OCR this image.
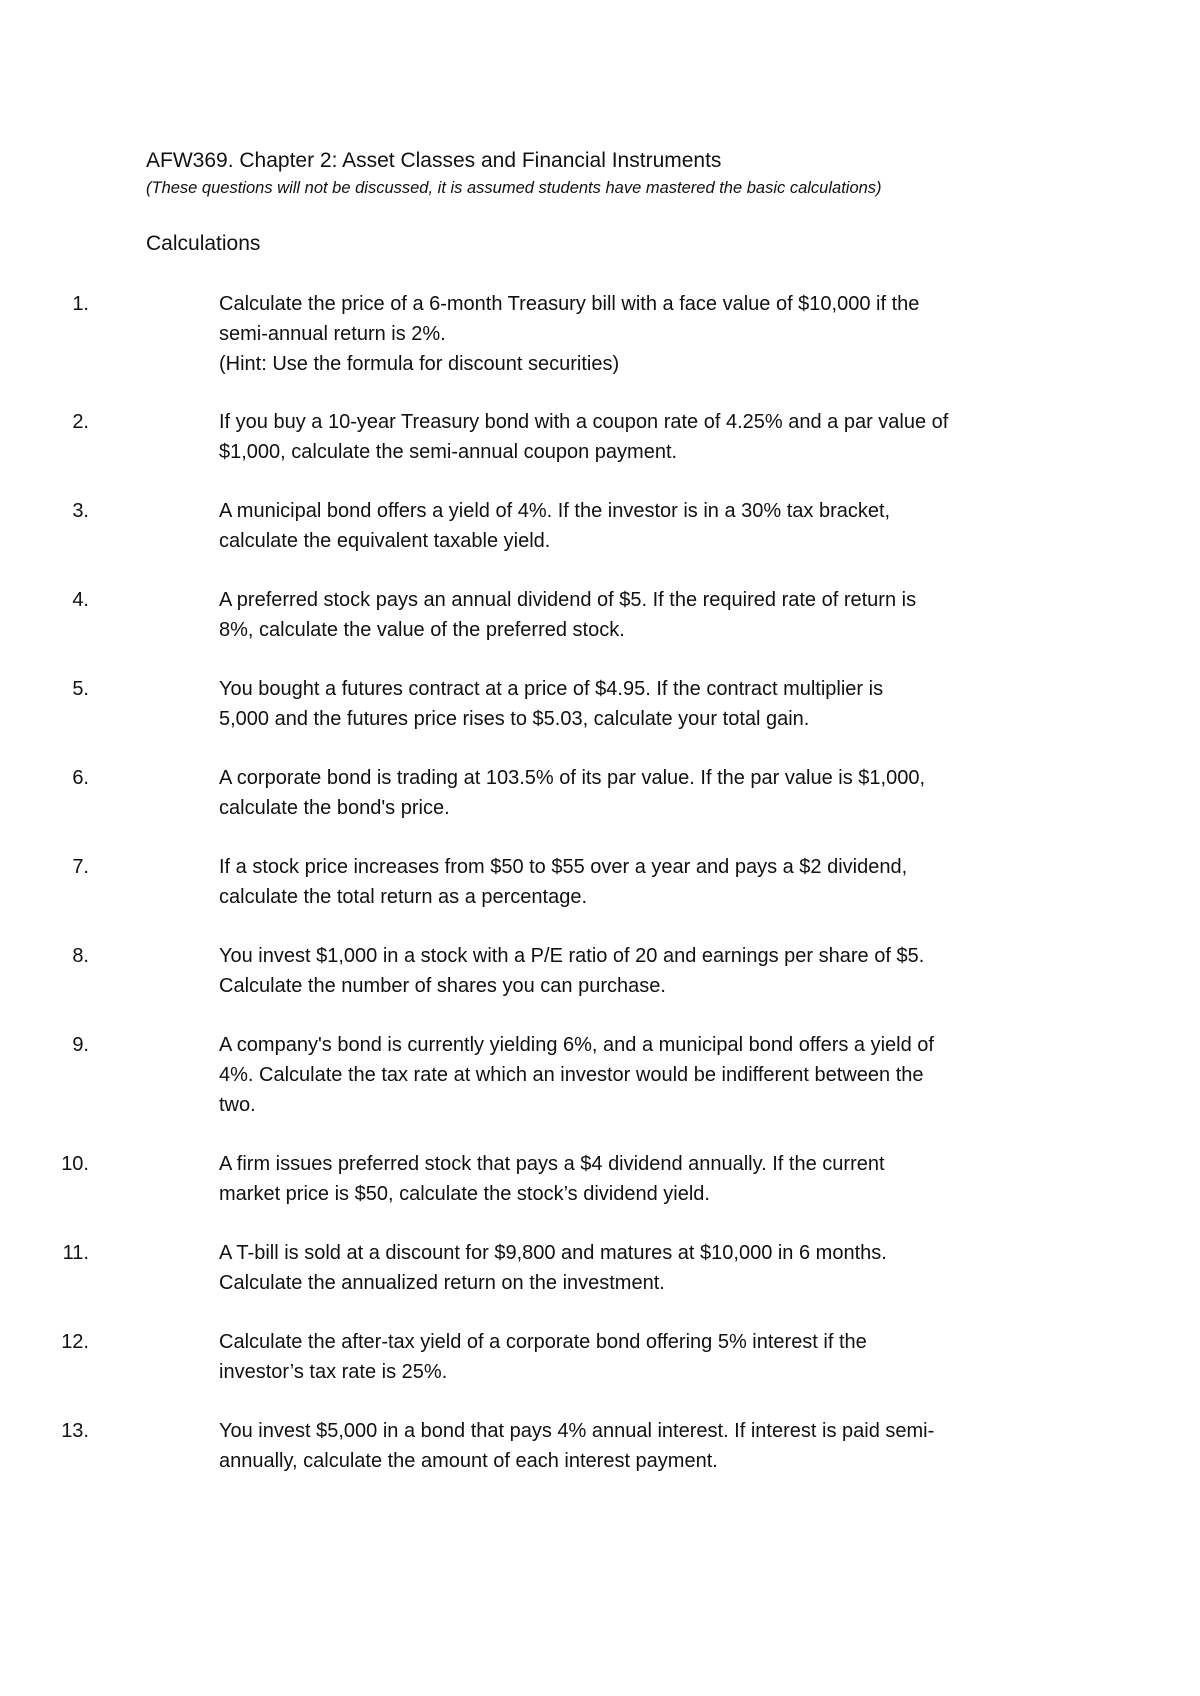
AFW369. Chapter 2: Asset Classes and Financial Instruments
(These questions will not be discussed, it is assumed students have mastered the basic calculations)
Calculations
1.	Calculate the price of a 6-month Treasury bill with a face value of $10,000 if the
semi-annual return is 2%.
(Hint: Use the formula for discount securities)
2.	If you buy a 10-year Treasury bond with a coupon rate of 4.25% and a par value of
$1,000, calculate the semi-annual coupon payment.
3.	A municipal bond offers a yield of 4%. If the investor is in a 30% tax bracket,
calculate the equivalent taxable yield.
4.	A preferred stock pays an annual dividend of $5. If the required rate of return is
8%, calculate the value of the preferred stock.
5.	You bought a futures contract at a price of $4.95. If the contract multiplier is
5,000 and the futures price rises to $5.03, calculate your total gain.
6.	A corporate bond is trading at 103.5% of its par value. If the par value is $1,000,
calculate the bond's price.
7.	If a stock price increases from $50 to $55 over a year and pays a $2 dividend,
calculate the total return as a percentage.
8.	You invest $1,000 in a stock with a P/E ratio of 20 and earnings per share of $5.
Calculate the number of shares you can purchase.
9.	A company's bond is currently yielding 6%, and a municipal bond offers a yield of
4%. Calculate the tax rate at which an investor would be indifferent between the
two.
10.	A firm issues preferred stock that pays a $4 dividend annually. If the current
market price is $50, calculate the stock’s dividend yield.
11.	A T-bill is sold at a discount for $9,800 and matures at $10,000 in 6 months.
Calculate the annualized return on the investment.
12.	Calculate the after-tax yield of a corporate bond offering 5% interest if the
investor’s tax rate is 25%.
13.	You invest $5,000 in a bond that pays 4% annual interest. If interest is paid semi-
annually, calculate the amount of each interest payment.
